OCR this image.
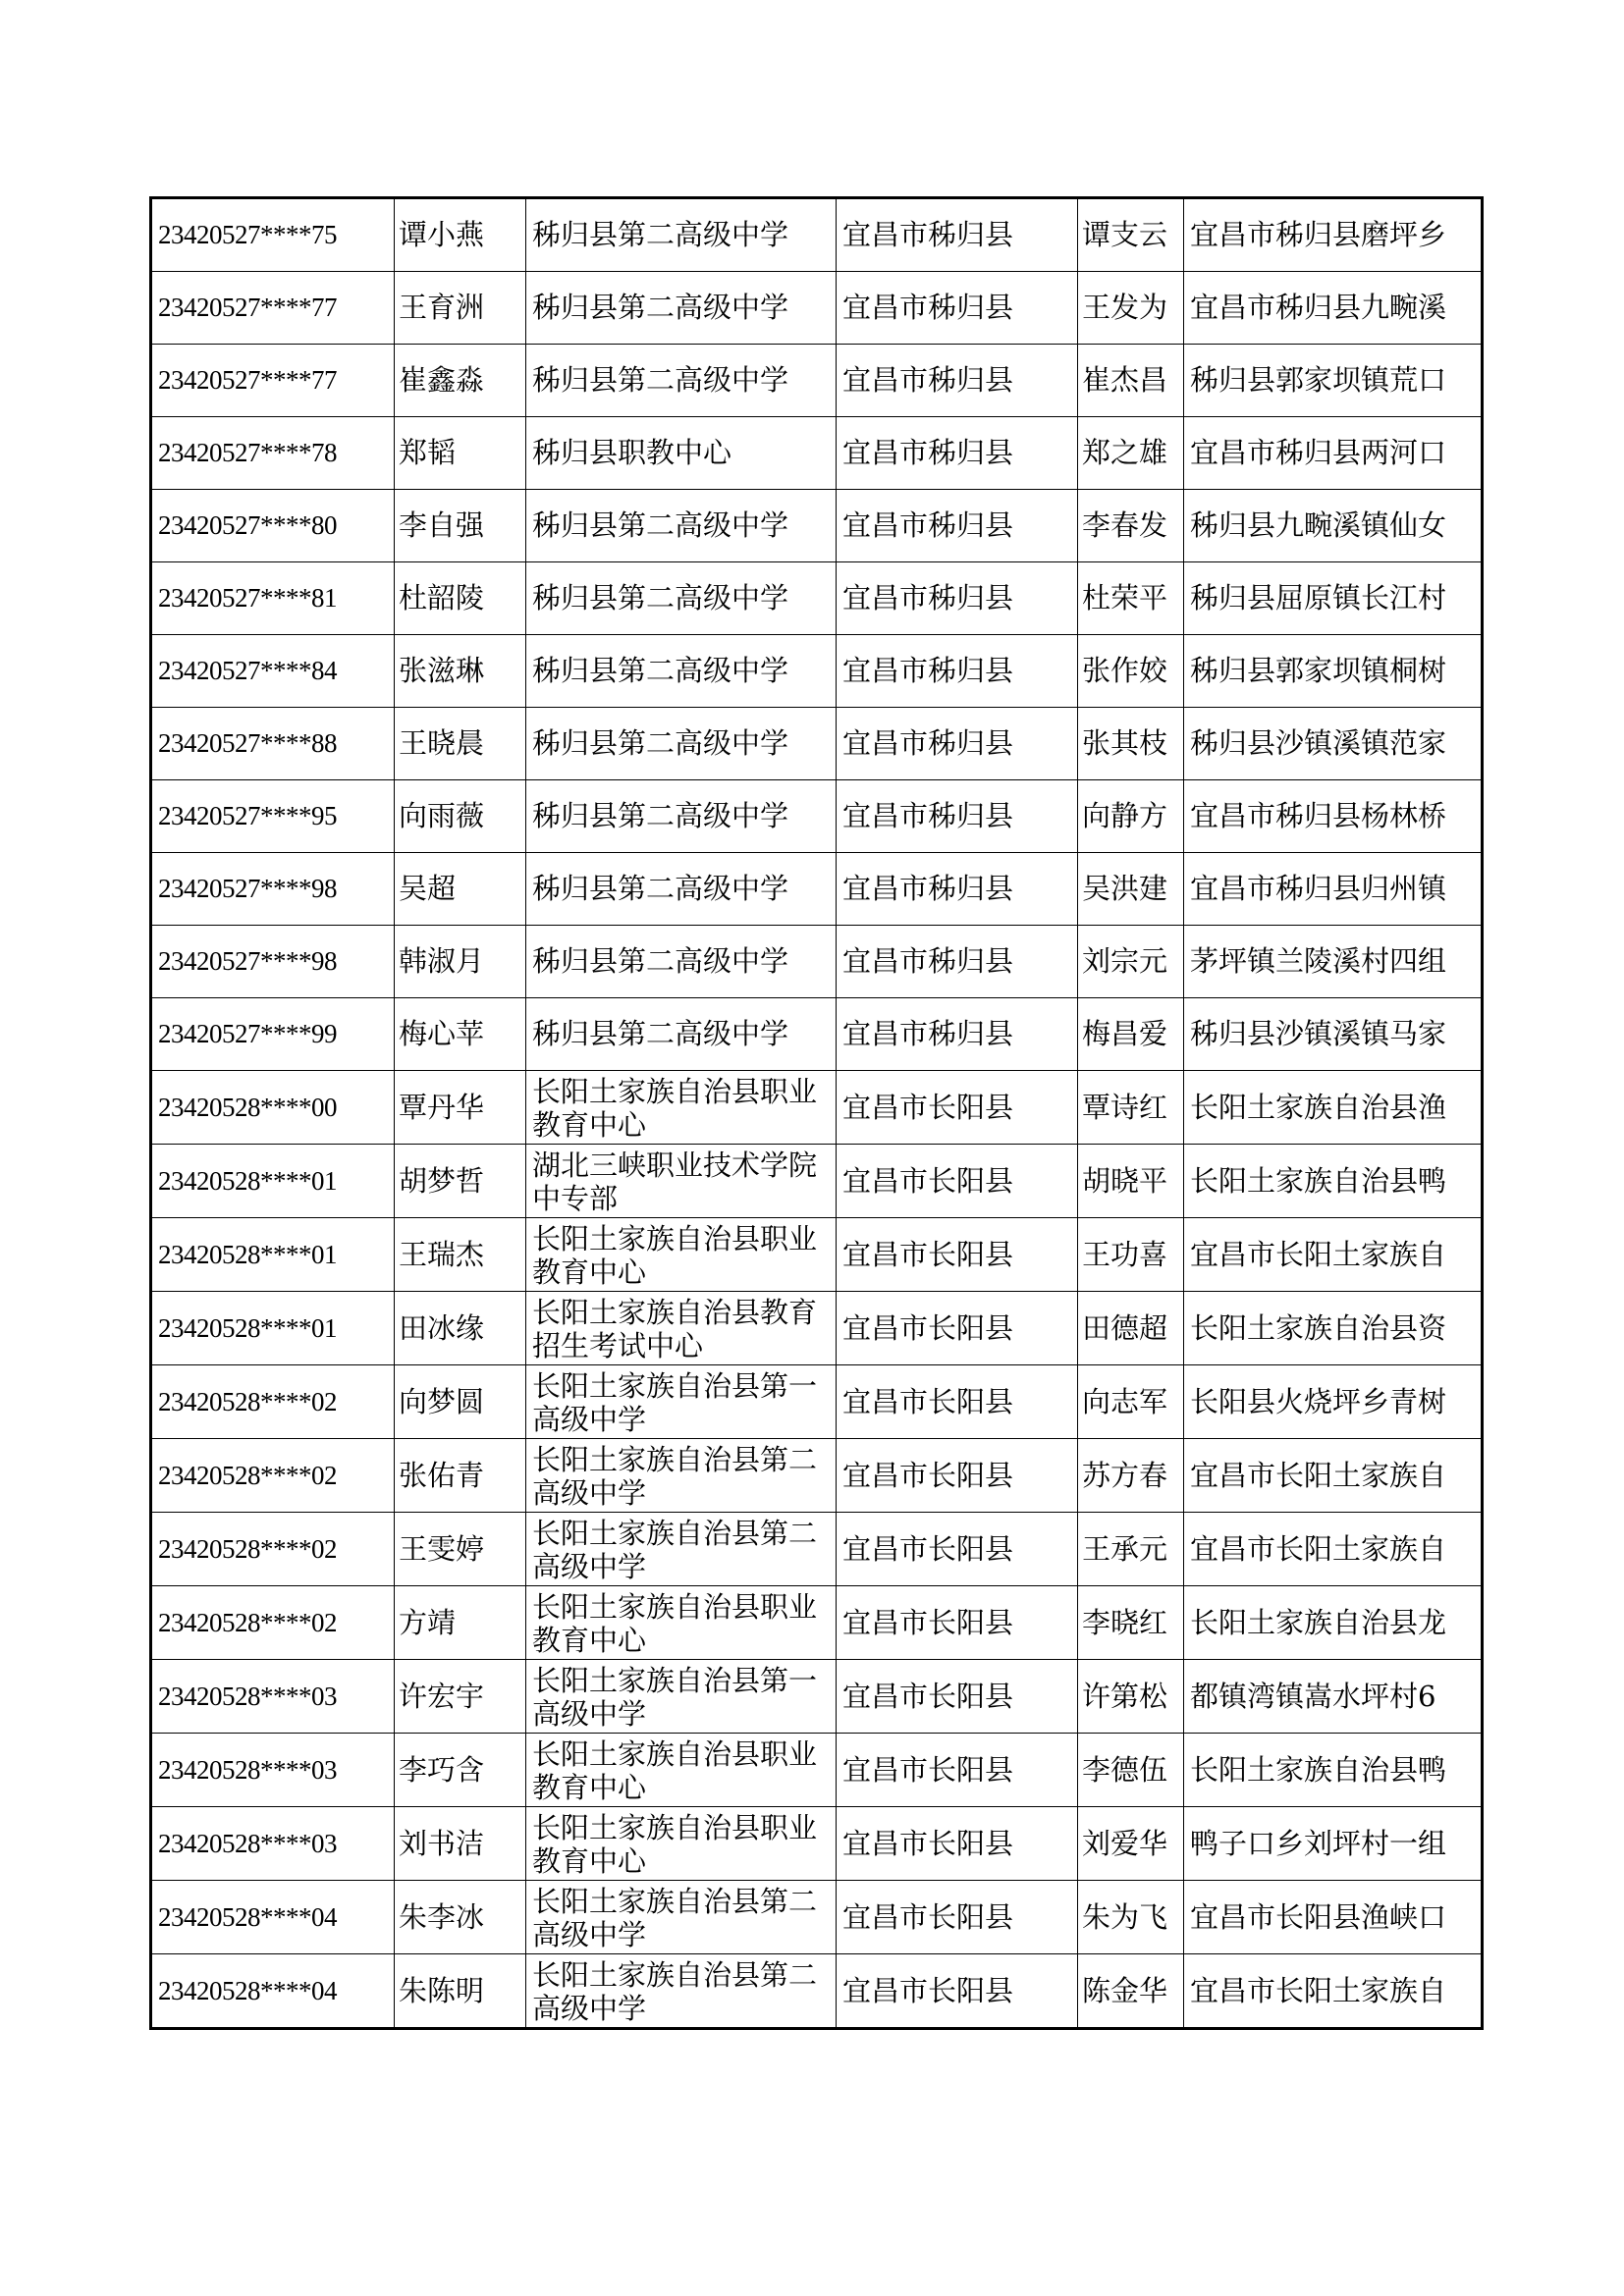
23420527****75	谭小燕	秭归县第二高级中学	宜昌市秭归县	谭支云	宜昌市秭归县磨坪乡
23420527****77	王育洲	秭归县第二高级中学	宜昌市秭归县	王发为	宜昌市秭归县九畹溪
23420527****77	崔鑫淼	秭归县第二高级中学	宜昌市秭归县	崔杰昌	秭归县郭家坝镇荒口
23420527****78	郑韬	秭归县职教中心	宜昌市秭归县	郑之雄	宜昌市秭归县两河口
23420527****80	李自强	秭归县第二高级中学	宜昌市秭归县	李春发	秭归县九畹溪镇仙女
23420527****81	杜韶陵	秭归县第二高级中学	宜昌市秭归县	杜荣平	秭归县屈原镇长江村
23420527****84	张滋琳	秭归县第二高级中学	宜昌市秭归县	张作姣	秭归县郭家坝镇桐树
23420527****88	王晓晨	秭归县第二高级中学	宜昌市秭归县	张其枝	秭归县沙镇溪镇范家
23420527****95	向雨薇	秭归县第二高级中学	宜昌市秭归县	向静方	宜昌市秭归县杨林桥
23420527****98	吴超	秭归县第二高级中学	宜昌市秭归县	吴洪建	宜昌市秭归县归州镇
23420527****98	韩淑月	秭归县第二高级中学	宜昌市秭归县	刘宗元	茅坪镇兰陵溪村四组
23420527****99	梅心苹	秭归县第二高级中学	宜昌市秭归县	梅昌爱	秭归县沙镇溪镇马家
23420528****00	覃丹华	长阳土家族自治县职业教育中心	宜昌市长阳县	覃诗红	长阳土家族自治县渔
23420528****01	胡梦哲	湖北三峡职业技术学院中专部	宜昌市长阳县	胡晓平	长阳土家族自治县鸭
23420528****01	王瑞杰	长阳土家族自治县职业教育中心	宜昌市长阳县	王功喜	宜昌市长阳土家族自
23420528****01	田冰缘	长阳土家族自治县教育招生考试中心	宜昌市长阳县	田德超	长阳土家族自治县资
23420528****02	向梦圆	长阳土家族自治县第一高级中学	宜昌市长阳县	向志军	长阳县火烧坪乡青树
23420528****02	张佑青	长阳土家族自治县第二高级中学	宜昌市长阳县	苏方春	宜昌市长阳土家族自
23420528****02	王雯婷	长阳土家族自治县第二高级中学	宜昌市长阳县	王承元	宜昌市长阳土家族自
23420528****02	方靖	长阳土家族自治县职业教育中心	宜昌市长阳县	李晓红	长阳土家族自治县龙
23420528****03	许宏宇	长阳土家族自治县第一高级中学	宜昌市长阳县	许第松	都镇湾镇嵩水坪村6
23420528****03	李巧含	长阳土家族自治县职业教育中心	宜昌市长阳县	李德伍	长阳土家族自治县鸭
23420528****03	刘书洁	长阳土家族自治县职业教育中心	宜昌市长阳县	刘爱华	鸭子口乡刘坪村一组
23420528****04	朱李冰	长阳土家族自治县第二高级中学	宜昌市长阳县	朱为飞	宜昌市长阳县渔峡口
23420528****04	朱陈明	长阳土家族自治县第二高级中学	宜昌市长阳县	陈金华	宜昌市长阳土家族自
